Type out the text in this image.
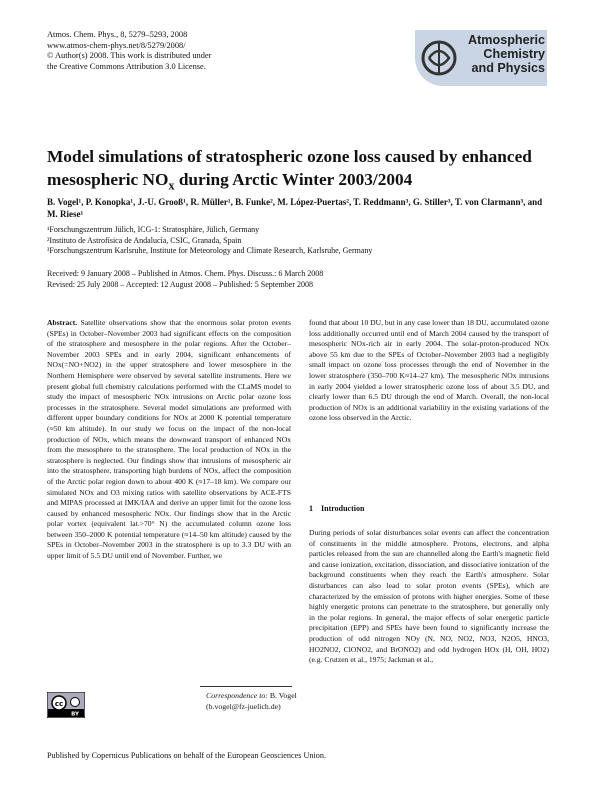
Atmos. Chem. Phys., 8, 5279–5293, 2008
www.atmos-chem-phys.net/8/5279/2008/
© Author(s) 2008. This work is distributed under
the Creative Commons Attribution 3.0 License.
Atmospheric
Chemistry
and Physics
Model simulations of stratospheric ozone loss caused by enhanced
mesospheric $NO_x$ during Arctic Winter 2003/2004
B. Vogel¹, P. Konopka¹, J.-U. Grooß¹, R. Müller¹, B. Funke², M. López-Puertas², T. Reddmann³, G. Stiller³, T. von Clarmann³, and M. Riese¹
¹Forschungszentrum Jülich, ICG-1: Stratosphäre, Jülich, Germany
²Instituto de Astrofísica de Andalucía, CSIC, Granada, Spain
³Forschungszentrum Karlsruhe, Institute for Meteorology and Climate Research, Karlsruhe, Germany
Received: 9 January 2008 – Published in Atmos. Chem. Phys. Discuss.: 6 March 2008
Revised: 25 July 2008 – Accepted: 12 August 2008 – Published: 5 September 2008
Abstract. Satellite observations show that the enormous solar proton events (SPEs) in October–November 2003 had significant effects on the composition of the stratosphere and mesosphere in the polar regions. After the October–November 2003 SPEs and in early 2004, significant enhancements of NOx(=NO+NO2) in the upper stratosphere and lower mesosphere in the Northern Hemisphere were observed by several satellite instruments. Here we present global full chemistry calculations performed with the CLaMS model to study the impact of mesospheric NOx intrusions on Arctic polar ozone loss processes in the stratosphere. Several model simulations are preformed with different upper boundary conditions for NOx at 2000 K potential temperature (≈50 km altitude). In our study we focus on the impact of the non-local production of NOx, which means the downward transport of enhanced NOx from the mesosphere to the stratosphere. The local production of NOx in the stratosphere is neglected. Our findings show that intrusions of mesospheric air into the stratosphere, transporting high burdens of NOx, affect the composition of the Arctic polar region down to about 400 K (≈17–18 km). We compare our simulated NOx and O3 mixing ratios with satellite observations by ACE-FTS and MIPAS processed at IMK/IAA and derive an upper limit for the ozone loss caused by enhanced mesospheric NOx. Our findings show that in the Arctic polar vortex (equivalent lat.>70° N) the accumulated column ozone loss between 350–2000 K potential temperature (≈14–50 km altitude) caused by the SPEs in October–November 2003 in the stratosphere is up to 3.3 DU with an upper limit of 5.5 DU until end of November. Further, we
found that about 10 DU, but in any case lower than 18 DU, accumulated ozone loss additionally occurred until end of March 2004 caused by the transport of mesospheric NOx-rich air in early 2004. The solar-proton-produced NOx above 55 km due to the SPEs of October–November 2003 had a negligibly small impact on ozone loss processes through the end of November in the lower stratosphere (350–700 K≈14–27 km). The mesospheric NOx intrusions in early 2004 yielded a lower stratospheric ozone loss of about 3.5 DU, and clearly lower than 6.5 DU through the end of March. Overall, the non-local production of NOx is an additional variability in the existing variations of the ozone loss observed in the Arctic.
1 Introduction
During periods of solar disturbances solar events can affect the concentration of constituents in the middle atmosphere. Protons, electrons, and alpha particles released from the sun are channelled along the Earth's magnetic field and cause ionization, excitation, dissociation, and dissociative ionization of the background constituents when they reach the Earth's atmosphere. Solar disturbances can also lead to solar proton events (SPEs), which are characterized by the emission of protons with higher energies. Some of these highly energetic protons can penetrate to the stratosphere, but generally only in the polar regions. In general, the major effects of solar energetic particle precipitation (EPP) and SPEs have been found to significantly increase the production of odd nitrogen NOy (N, NO, NO2, NO3, N2O5, HNO3, HO2NO2, ClONO2, and BrONO2) and odd hydrogen HOx (H, OH, HO2) (e.g. Crutzen et al., 1975; Jackman et al.,
cc
BY
Correspondence to: B. Vogel
(b.vogel@fz-juelich.de)
Published by Copernicus Publications on behalf of the European Geosciences Union.
